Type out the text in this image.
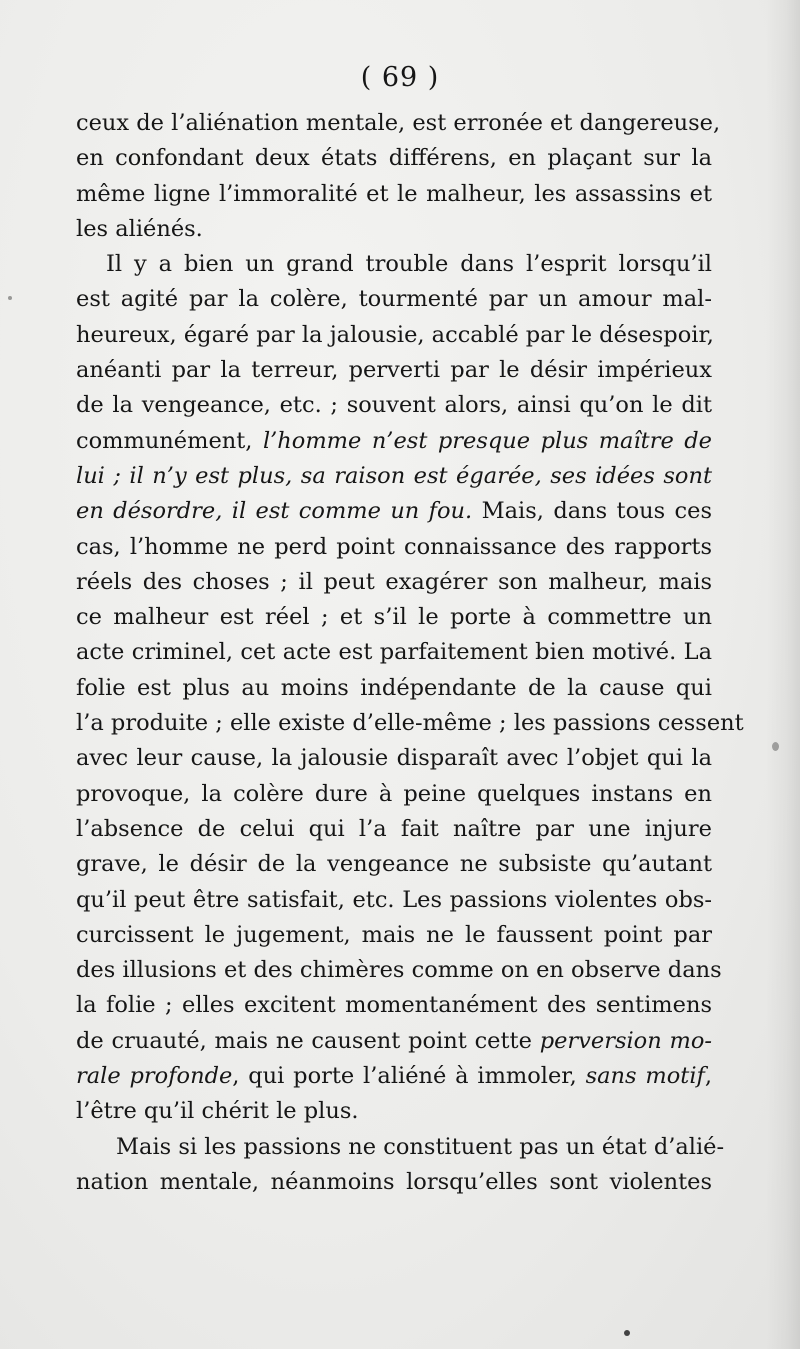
( 69 )
ceux de l’aliénation mentale, est erronée et dangereuse,
en confondant deux états différens, en plaçant sur la
même ligne l’immoralité et le malheur, les assassins et
les aliénés.
Il y a bien un grand trouble dans l’esprit lorsqu’il
est agité par la colère, tourmenté par un amour mal-
heureux, égaré par la jalousie, accablé par le désespoir,
anéanti par la terreur, perverti par le désir impérieux
de la vengeance, etc. ; souvent alors, ainsi qu’on le dit
communément, l’homme n’est presque plus maître de
lui ; il n’y est plus, sa raison est égarée, ses idées sont
en désordre, il est comme un fou. Mais, dans tous ces
cas, l’homme ne perd point connaissance des rapports
réels des choses ; il peut exagérer son malheur, mais
ce malheur est réel ; et s’il le porte à commettre un
acte criminel, cet acte est parfaitement bien motivé. La
folie est plus au moins indépendante de la cause qui
l’a produite ; elle existe d’elle-même ; les passions cessent
avec leur cause, la jalousie disparaît avec l’objet qui la
provoque, la colère dure à peine quelques instans en
l’absence de celui qui l’a fait naître par une injure
grave, le désir de la vengeance ne subsiste qu’autant
qu’il peut être satisfait, etc. Les passions violentes obs-
curcissent le jugement, mais ne le faussent point par
des illusions et des chimères comme on en observe dans
la folie ; elles excitent momentanément des sentimens
de cruauté, mais ne causent point cette perversion mo-
rale profonde, qui porte l’aliéné à immoler, sans motif,
l’être qu’il chérit le plus.
Mais si les passions ne constituent pas un état d’alié-
nation mentale, néanmoins lorsqu’elles sont violentes
